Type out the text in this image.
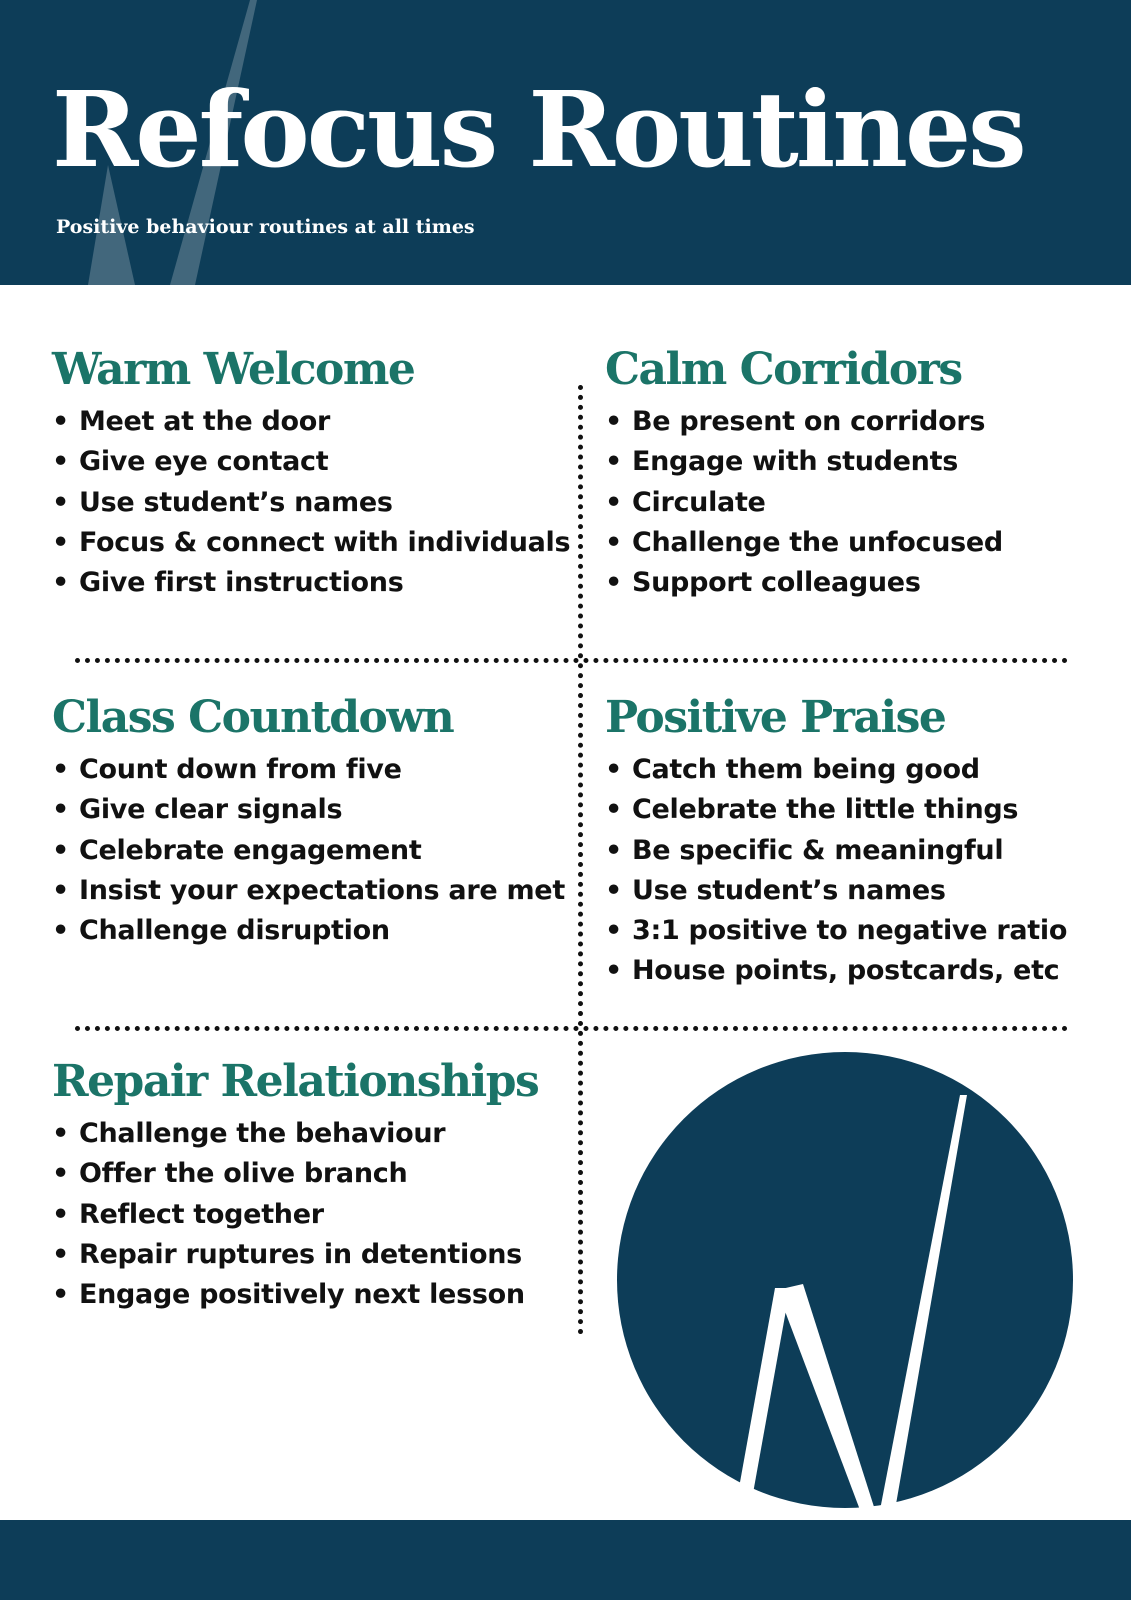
Refocus Routines
Positive behaviour routines at all times
Warm Welcome
• Meet at the door
• Give eye contact
• Use student’s names
• Focus & connect with individuals
• Give first instructions
Calm Corridors
• Be present on corridors
• Engage with students
• Circulate
• Challenge the unfocused
• Support colleagues
Class Countdown
• Count down from five
• Give clear signals
• Celebrate engagement
• Insist your expectations are met
• Challenge disruption
Positive Praise
• Catch them being good
• Celebrate the little things
• Be specific & meaningful
• Use student’s names
• 3:1 positive to negative ratio
• House points, postcards, etc
Repair Relationships
• Challenge the behaviour
• Offer the olive branch
• Reflect together
• Repair ruptures in detentions
• Engage positively next lesson
